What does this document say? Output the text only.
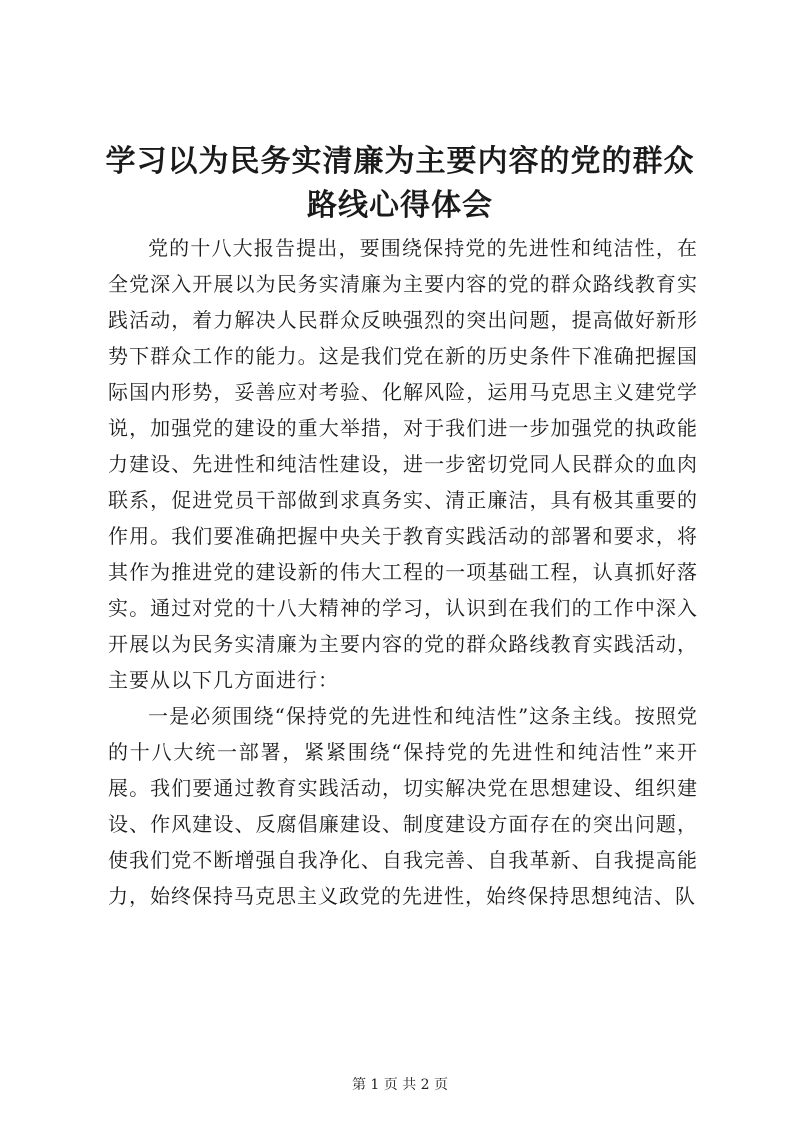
学习以为民务实清廉为主要内容的党的群众路线心得体会

党的十八大报告提出，要围绕保持党的先进性和纯洁性，在全党深入开展以为民务实清廉为主要内容的党的群众路线教育实践活动，着力解决人民群众反映强烈的突出问题，提高做好新形势下群众工作的能力。这是我们党在新的历史条件下准确把握国际国内形势，妥善应对考验、化解风险，运用马克思主义建党学说，加强党的建设的重大举措，对于我们进一步加强党的执政能力建设、先进性和纯洁性建设，进一步密切党同人民群众的血肉联系，促进党员干部做到求真务实、清正廉洁，具有极其重要的作用。我们要准确把握中央关于教育实践活动的部署和要求，将其作为推进党的建设新的伟大工程的一项基础工程，认真抓好落实。通过对党的十八大精神的学习，认识到在我们的工作中深入开展以为民务实清廉为主要内容的党的群众路线教育实践活动，主要从以下几方面进行：

一是必须围绕“保持党的先进性和纯洁性”这条主线。按照党的十八大统一部署，紧紧围绕“保持党的先进性和纯洁性”来开展。我们要通过教育实践活动，切实解决党在思想建设、组织建设、作风建设、反腐倡廉建设、制度建设方面存在的突出问题，使我们党不断增强自我净化、自我完善、自我革新、自我提高能力，始终保持马克思主义政党的先进性，始终保持思想纯洁、队

第 1 页 共 2 页
